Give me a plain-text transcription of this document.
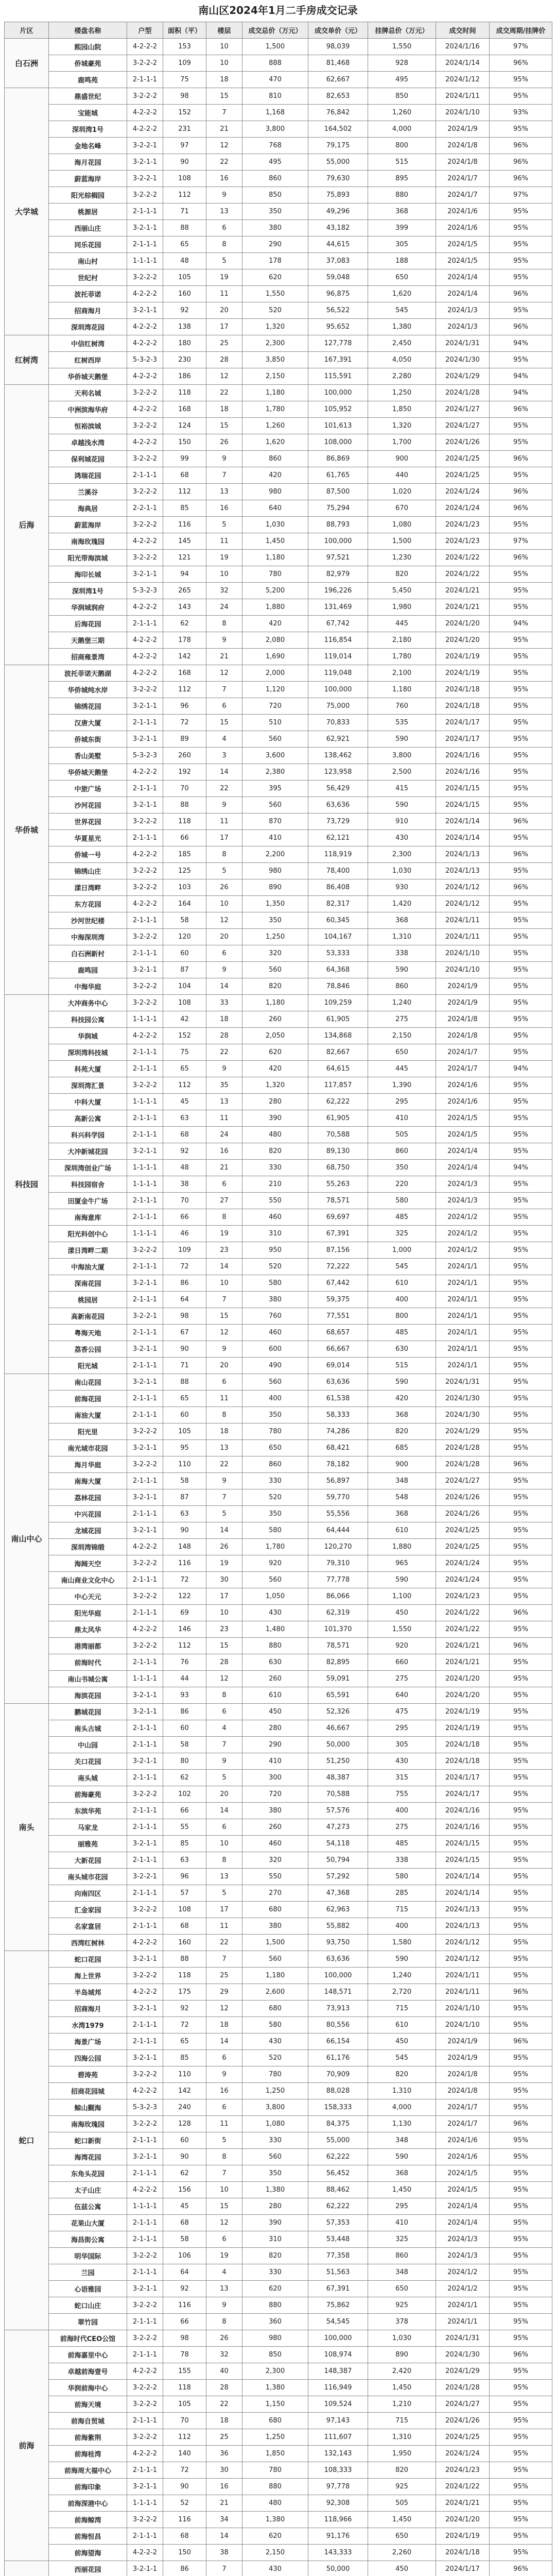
南山区2024年1月二手房成交记录
片区	楼盘名称	户型	面积（平）	楼层	成交总价（万元）	成交单价（元）	挂牌总价（万元）	成交时间	成交周期/挂牌价
白石洲	熙园山院	4-2-2-2	153	10	1,500	98,039	1,550	2024/1/16	97%
	侨城豪苑	3-2-2-2	109	10	888	81,468	928	2024/1/14	96%
	鹿鸣苑	2-1-1-1	75	18	470	62,667	495	2024/1/12	95%
大学城	鼎盛世纪	3-2-2-2	98	15	810	82,653	850	2024/1/11	95%
	宝能城	4-2-2-2	152	7	1,168	76,842	1,260	2024/1/10	93%
	深圳湾1号	4-2-2-2	231	21	3,800	164,502	4,000	2024/1/9	95%
	金地名峰	3-2-2-1	97	12	768	79,175	800	2024/1/8	96%
	海月花园	3-2-1-1	90	22	495	55,000	515	2024/1/8	96%
	蔚蓝海岸	3-2-2-1	108	16	860	79,630	895	2024/1/7	96%
	阳光棕榈园	3-2-2-2	112	9	850	75,893	880	2024/1/7	97%
	桃源居	2-1-1-1	71	13	350	49,296	368	2024/1/6	95%
	西丽山庄	3-2-1-1	88	6	380	43,182	399	2024/1/6	95%
	同乐花园	2-1-1-1	65	8	290	44,615	305	2024/1/5	95%
	南山村	1-1-1-1	48	5	178	37,083	188	2024/1/5	95%
	世纪村	3-2-2-2	105	19	620	59,048	650	2024/1/4	95%
	波托菲诺	4-2-2-2	160	11	1,550	96,875	1,620	2024/1/4	96%
	招商海月	3-2-1-1	92	20	520	56,522	545	2024/1/3	95%
	深圳湾花园	4-2-2-2	138	17	1,320	95,652	1,380	2024/1/3	96%
红树湾	中信红树湾	4-2-2-2	180	25	2,300	127,778	2,450	2024/1/31	94%
	红树西岸	5-3-2-3	230	28	3,850	167,391	4,050	2024/1/30	95%
	华侨城天鹅堡	4-2-2-2	186	12	2,150	115,591	2,280	2024/1/29	94%
后海	天利名城	3-2-2-2	118	22	1,180	100,000	1,250	2024/1/28	94%
	中洲滨海华府	4-2-2-2	168	18	1,780	105,952	1,850	2024/1/27	96%
	恒裕滨城	3-2-2-2	124	15	1,260	101,613	1,320	2024/1/27	95%
	卓越浅水湾	4-2-2-2	150	26	1,620	108,000	1,700	2024/1/26	95%
	保利城花园	3-2-2-2	99	9	860	86,869	900	2024/1/25	96%
	鸿瑞花园	2-1-1-1	68	7	420	61,765	440	2024/1/25	95%
	兰溪谷	3-2-2-2	112	13	980	87,500	1,020	2024/1/24	96%
	海典居	2-2-1-1	85	16	640	75,294	670	2024/1/24	96%
	蔚蓝海岸	3-2-2-2	116	5	1,030	88,793	1,080	2024/1/23	95%
	南海玫瑰园	4-2-2-2	145	11	1,450	100,000	1,500	2024/1/23	97%
	阳光带海滨城	3-2-2-2	121	19	1,180	97,521	1,230	2024/1/22	96%
	海印长城	3-2-1-1	94	10	780	82,979	820	2024/1/22	95%
	深圳湾1号	5-3-2-3	265	32	5,200	196,226	5,450	2024/1/21	95%
	华润城润府	4-2-2-2	143	24	1,880	131,469	1,980	2024/1/21	95%
	后海花园	2-1-1-1	62	8	420	67,742	445	2024/1/20	94%
	天鹅堡三期	4-2-2-2	178	9	2,080	116,854	2,180	2024/1/20	95%
	招商雍景湾	4-2-2-2	142	21	1,690	119,014	1,780	2024/1/19	95%
华侨城	波托菲诺天鹅湖	4-2-2-2	168	12	2,000	119,048	2,100	2024/1/19	95%
	华侨城纯水岸	3-2-2-2	112	7	1,120	100,000	1,180	2024/1/18	95%
	锦绣花园	3-2-1-1	96	6	720	75,000	760	2024/1/18	95%
	汉唐大厦	2-1-1-1	72	15	510	70,833	535	2024/1/17	95%
	侨城东街	3-2-1-1	89	4	560	62,921	590	2024/1/17	95%
	香山美墅	5-3-2-3	260	3	3,600	138,462	3,800	2024/1/16	95%
	华侨城天鹅堡	4-2-2-2	192	14	2,380	123,958	2,500	2024/1/16	95%
	中旅广场	2-1-1-1	70	22	395	56,429	415	2024/1/15	95%
	沙河花园	3-2-1-1	88	9	560	63,636	590	2024/1/15	95%
	世界花园	3-2-2-2	118	11	870	73,729	910	2024/1/14	96%
	华夏星光	2-1-1-1	66	17	410	62,121	430	2024/1/14	95%
	侨城一号	4-2-2-2	185	8	2,200	118,919	2,300	2024/1/13	96%
	锦绣山庄	3-2-2-2	125	5	980	78,400	1,030	2024/1/13	95%
	漾日湾畔	3-2-2-2	103	26	890	86,408	930	2024/1/12	96%
	东方花园	4-2-2-2	164	10	1,350	82,317	1,420	2024/1/12	95%
	沙河世纪楼	2-1-1-1	58	12	350	60,345	368	2024/1/11	95%
	中海深圳湾	3-2-2-2	120	20	1,250	104,167	1,310	2024/1/11	95%
	白石洲新村	2-1-1-1	60	6	320	53,333	338	2024/1/10	95%
	鹿鸣园	3-2-1-1	87	9	560	64,368	590	2024/1/10	95%
	中海华庭	3-2-2-2	104	14	820	78,846	860	2024/1/9	95%
科技园	大冲商务中心	3-2-2-2	108	33	1,180	109,259	1,240	2024/1/9	95%
	科技园公寓	1-1-1-1	42	18	260	61,905	275	2024/1/8	95%
	华润城	4-2-2-2	152	28	2,050	134,868	2,150	2024/1/8	95%
	深圳湾科技城	2-1-1-1	75	22	620	82,667	650	2024/1/7	95%
	科苑大厦	2-1-1-1	65	9	420	64,615	445	2024/1/7	94%
	深圳湾汇景	3-2-2-2	112	35	1,320	117,857	1,390	2024/1/6	95%
	中科大厦	1-1-1-1	45	13	280	62,222	295	2024/1/6	95%
	高新公寓	2-1-1-1	63	11	390	61,905	410	2024/1/5	95%
	科兴科学园	2-1-1-1	68	24	480	70,588	505	2024/1/5	95%
	大冲新城花园	3-2-1-1	92	16	820	89,130	860	2024/1/4	95%
	深圳湾创业广场	1-1-1-1	48	21	330	68,750	350	2024/1/4	94%
	科技园宿舍	1-1-1-1	38	6	210	55,263	220	2024/1/3	95%
	田厦金牛广场	2-1-1-1	70	27	550	78,571	580	2024/1/3	95%
	南海意库	2-1-1-1	66	8	460	69,697	485	2024/1/2	95%
	阳光科创中心	1-1-1-1	46	19	310	67,391	325	2024/1/2	95%
	漾日湾畔二期	3-2-2-2	109	23	950	87,156	1,000	2024/1/2	95%
	中海油大厦	2-1-1-1	72	14	520	72,222	545	2024/1/1	95%
	深南花园	3-2-1-1	86	10	580	67,442	610	2024/1/1	95%
	桃园居	2-1-1-1	64	7	380	59,375	400	2024/1/1	95%
	高新南花园	3-2-2-1	98	15	760	77,551	800	2024/1/1	95%
	粤海天地	2-1-1-1	67	12	460	68,657	485	2024/1/1	95%
	荔香公园	3-2-1-1	90	9	600	66,667	630	2024/1/1	95%
	阳光城	2-1-1-1	71	20	490	69,014	515	2024/1/1	95%
南山中心	南山花园	3-2-1-1	88	6	560	63,636	590	2024/1/31	95%
	前海花园	2-1-1-1	65	11	400	61,538	420	2024/1/30	95%
	南油大厦	2-1-1-1	60	8	350	58,333	368	2024/1/30	95%
	阳光里	3-2-2-2	105	18	780	74,286	820	2024/1/29	95%
	南光城市花园	3-2-1-1	95	13	650	68,421	685	2024/1/28	95%
	海月华庭	3-2-2-2	110	22	860	78,182	900	2024/1/28	96%
	南海大厦	2-1-1-1	58	9	330	56,897	348	2024/1/27	95%
	荔林花园	3-2-1-1	87	7	520	59,770	548	2024/1/26	95%
	中兴花园	2-1-1-1	63	5	350	55,556	368	2024/1/26	95%
	龙城花园	3-2-1-1	90	14	580	64,444	610	2024/1/25	95%
	深圳湾锦缎	4-2-2-2	148	26	1,780	120,270	1,880	2024/1/25	95%
	海阔天空	3-2-2-2	116	19	920	79,310	965	2024/1/24	95%
	南山商业文化中心	2-1-1-1	72	30	560	77,778	590	2024/1/24	95%
	中心天元	3-2-2-2	122	17	1,050	86,066	1,100	2024/1/23	95%
	阳光华庭	2-1-1-1	69	10	430	62,319	450	2024/1/22	96%
	鼎太风华	4-2-2-2	146	23	1,480	101,370	1,550	2024/1/22	95%
	港湾丽都	3-2-2-2	112	15	880	78,571	920	2024/1/21	96%
	前海时代	2-1-1-1	76	28	630	82,895	660	2024/1/21	95%
	南山书城公寓	1-1-1-1	44	12	260	59,091	275	2024/1/20	95%
	海滨花园	3-2-1-1	93	8	610	65,591	640	2024/1/20	95%
南头	鹏城花园	3-2-1-1	86	6	450	52,326	475	2024/1/19	95%
	南头古城	2-1-1-1	60	4	280	46,667	295	2024/1/19	95%
	中山园	2-1-1-1	58	7	290	50,000	305	2024/1/18	95%
	关口花园	3-2-1-1	80	9	410	51,250	430	2024/1/18	95%
	南头城	2-1-1-1	62	5	300	48,387	315	2024/1/17	95%
	前海豪苑	3-2-2-2	102	20	720	70,588	755	2024/1/17	95%
	东滨华苑	2-1-1-1	66	14	380	57,576	400	2024/1/16	95%
	马家龙	2-1-1-1	55	6	260	47,273	275	2024/1/16	95%
	丽雅苑	3-2-1-1	85	10	460	54,118	485	2024/1/15	95%
	大新花园	2-1-1-1	63	8	320	50,794	338	2024/1/15	95%
	南头城市花园	3-2-2-1	96	13	550	57,292	580	2024/1/14	95%
	向南四区	2-1-1-1	57	5	270	47,368	285	2024/1/14	95%
	汇金家园	3-2-2-2	108	17	680	62,963	715	2024/1/13	95%
	名家富居	2-1-1-1	68	11	380	55,882	400	2024/1/13	95%
	西湾红树林	4-2-2-2	160	22	1,500	93,750	1,580	2024/1/12	95%
蛇口	蛇口花园	3-2-1-1	88	7	560	63,636	590	2024/1/12	95%
	海上世界	3-2-2-2	118	25	1,180	100,000	1,240	2024/1/11	95%
	半岛城邦	4-2-2-2	175	29	2,600	148,571	2,720	2024/1/11	96%
	招商海月	3-2-1-1	92	12	680	73,913	715	2024/1/10	95%
	水湾1979	2-1-1-1	72	18	580	80,556	610	2024/1/10	95%
	海景广场	2-1-1-1	65	14	430	66,154	450	2024/1/9	96%
	四海公园	3-2-1-1	85	6	520	61,176	545	2024/1/9	95%
	碧涛苑	3-2-2-2	110	9	780	70,909	820	2024/1/8	95%
	招商花园城	4-2-2-2	142	16	1,250	88,028	1,310	2024/1/8	95%
	鲸山觐海	5-3-2-3	240	6	3,800	158,333	4,000	2024/1/7	95%
	南海玫瑰园	3-2-2-2	128	11	1,080	84,375	1,130	2024/1/7	96%
	蛇口新街	2-1-1-1	60	5	330	55,000	348	2024/1/6	95%
	海湾花园	3-2-1-1	90	8	560	62,222	590	2024/1/6	95%
	东角头花园	2-1-1-1	62	7	350	56,452	368	2024/1/5	95%
	太子山庄	4-2-2-2	156	10	1,380	88,462	1,450	2024/1/5	95%
	伍兹公寓	1-1-1-1	45	15	280	62,222	295	2024/1/4	95%
	花果山大厦	2-1-1-1	68	12	390	57,353	410	2024/1/4	95%
	海昌街公寓	2-1-1-1	58	6	310	53,448	325	2024/1/3	95%
	明华国际	3-2-2-2	106	19	820	77,358	860	2024/1/3	95%
	兰园	2-1-1-1	64	4	330	51,563	348	2024/1/2	95%
	心语雅园	3-2-1-1	92	13	620	67,391	650	2024/1/2	95%
	蛇口山庄	3-2-2-2	116	9	880	75,862	925	2024/1/1	95%
	翠竹园	2-1-1-1	66	8	360	54,545	378	2024/1/1	95%
前海	前海时代CEO公馆	3-2-2-2	98	26	980	100,000	1,030	2024/1/31	95%
	前海嘉里中心	2-1-1-1	78	32	850	108,974	890	2024/1/30	96%
	卓越前海壹号	4-2-2-2	155	40	2,300	148,387	2,420	2024/1/29	95%
	华润前海中心	3-2-2-2	118	28	1,380	116,949	1,450	2024/1/28	95%
	前海天境	3-2-2-2	105	22	1,150	109,524	1,210	2024/1/27	95%
	前海自贸城	2-1-1-1	70	18	680	97,143	715	2024/1/26	95%
	前海紫荆	3-2-2-2	112	25	1,250	111,607	1,310	2024/1/25	95%
	前海桂湾	4-2-2-2	140	36	1,850	132,143	1,950	2024/1/24	95%
	前海周大福中心	2-1-1-1	72	30	780	108,333	820	2024/1/23	95%
	前海印象	3-2-1-1	90	16	880	97,778	925	2024/1/22	95%
	前海深港中心	1-1-1-1	52	21	480	92,308	505	2024/1/21	95%
	前海鲸湾	3-2-2-2	116	34	1,380	118,966	1,450	2024/1/20	95%
	前海恒昌	2-1-1-1	68	14	620	91,176	650	2024/1/19	95%
	前海望海	4-2-2-2	150	38	2,150	143,333	2,260	2024/1/18	95%
	西丽花园	3-2-1-1	86	7	430	50,000	450	2024/1/17	96%
